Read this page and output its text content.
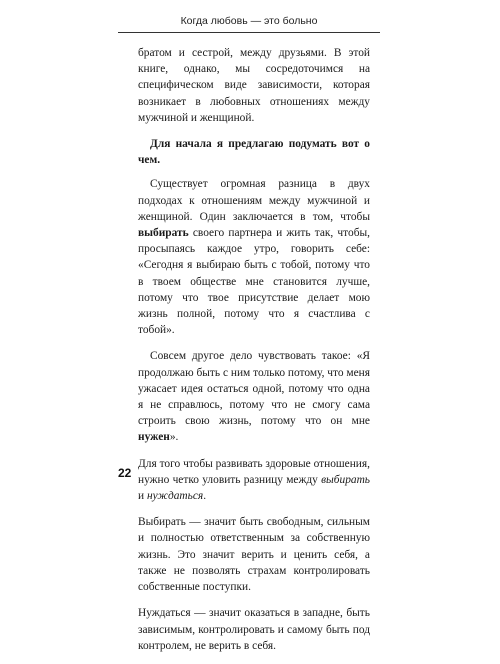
Когда любовь — это больно

братом и сестрой, между друзьями. В этой книге, однако, мы сосредоточимся на специфическом виде зависимости, которая возникает в любовных отношениях между мужчиной и женщиной.

Для начала я предлагаю подумать вот о чем.

Существует огромная разница в двух подходах к отношениям между мужчиной и женщиной. Один заключается в том, чтобы выбирать своего партнера и жить так, чтобы, просыпаясь каждое утро, говорить себе: «Сегодня я выбираю быть с тобой, потому что в твоем обществе мне становится лучше, потому что твое присутствие делает мою жизнь полной, потому что я счастлива с тобой».

Совсем другое дело чувствовать такое: «Я продолжаю быть с ним только потому, что меня ужасает идея остаться одной, потому что одна я не справлюсь, потому что не смогу сама строить свою жизнь, потому что он мне нужен».

Для того чтобы развивать здоровые отношения, нужно четко уловить разницу между выбирать и нуждаться.

Выбирать — значит быть свободным, сильным и полностью ответственным за собственную жизнь. Это значит верить и ценить себя, а также не позволять страхам контролировать собственные поступки.

Нуждаться — значит оказаться в западне, быть зависимым, контролировать и самому быть под контролем, не верить в себя.

22
